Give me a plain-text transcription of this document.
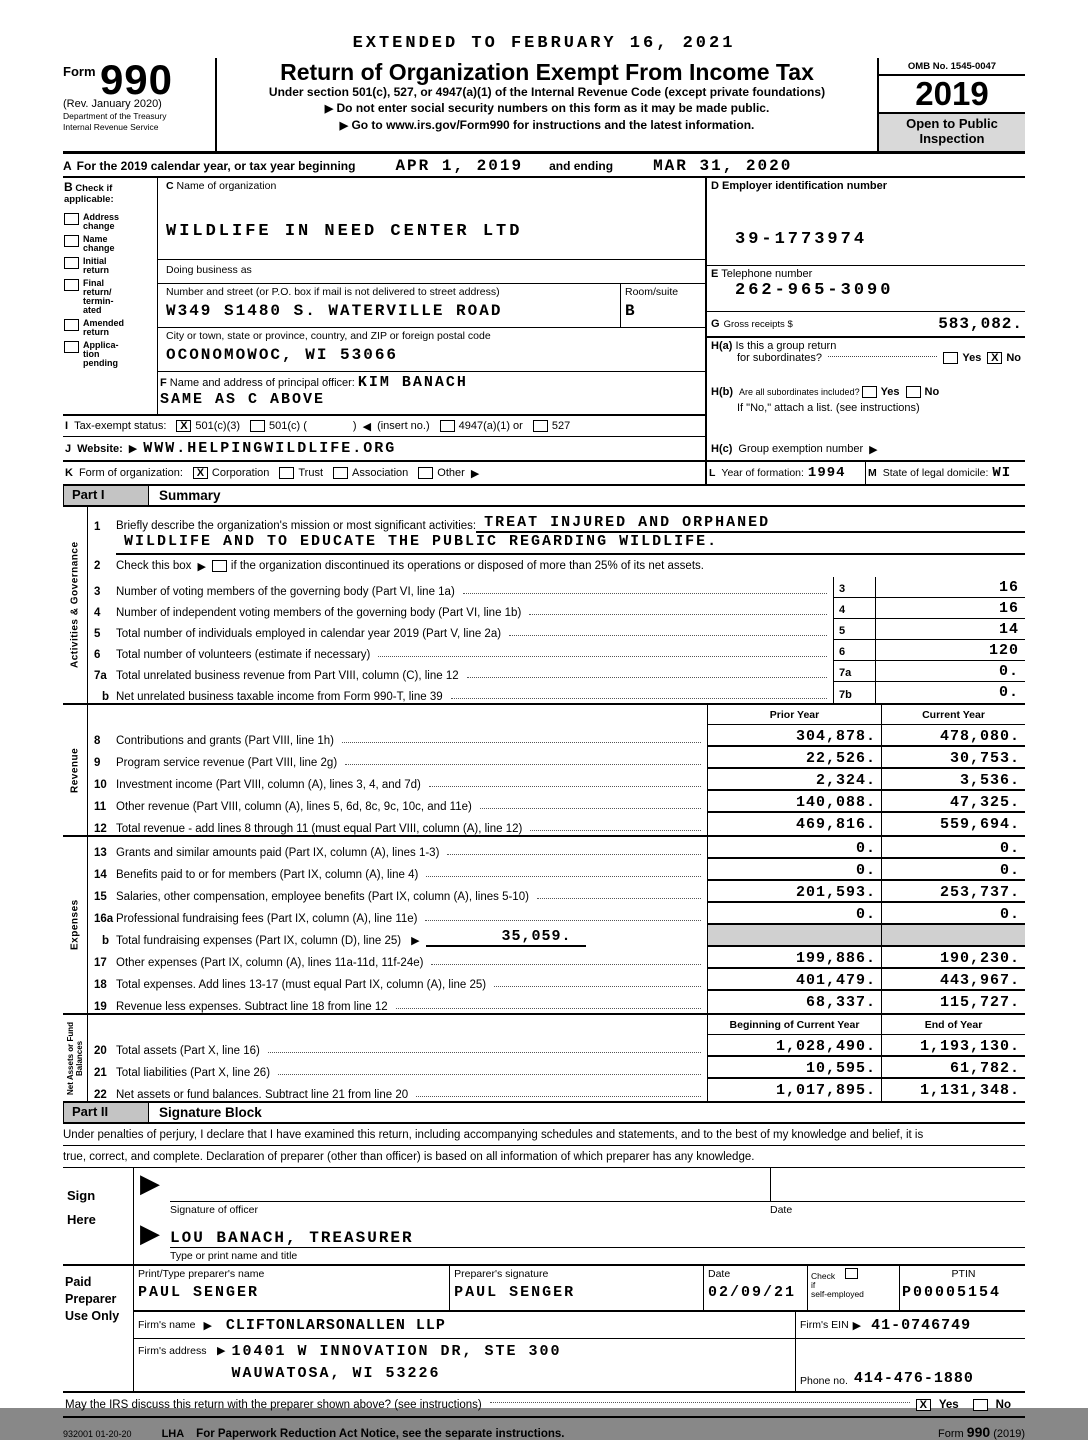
EXTENDED TO FEBRUARY 16, 2021
$^{Form}$ 990
(Rev. January 2020)
Department of the Treasury
Internal Revenue Service
Return of Organization Exempt From Income Tax
Under section 501(c), 527, or 4947(a)(1) of the Internal Revenue Code (except private foundations)
▶ Do not enter social security numbers on this form as it may be made public.
▶ Go to www.irs.gov/Form990 for instructions and the latest information.
OMB No. 1545-0047
2019
Open to Public
Inspection
A For the 2019 calendar year, or tax year beginning	APR 1, 2019 and ending	MAR 31, 2020
B Check if applicable:
Address change
Name change
Initial return
Final return/ termin- ated
Amended return
Applica- tion pending
C Name of organization
WILDLIFE IN NEED CENTER LTD
Doing business as
Number and street (or P.O. box if mail is not delivered to street address)
W349 S1480 S. WATERVILLE ROAD
Room/suite
B
City or town, state or province, country, and ZIP or foreign postal code
OCONOMOWOC, WI 53066
F Name and address of principal officer: KIM BANACH
SAME AS C ABOVE
I Tax-exempt status:	X 501(c)(3)	501(c) (	) ◀ (insert no.)	4947(a)(1) or	527
J Website: ▶ WWW.HELPINGWILDLIFE.ORG
K Form of organization:	X Corporation	Trust	Association	Other ▶
D Employer identification number
39-1773974
E Telephone number
262-965-3090
G Gross receipts $	583,082.
H(a) Is this a group return
for subordinates?	Yes X No
H(b) Are all subordinates included? Yes No
If "No," attach a list. (see instructions)
H(c) Group exemption number ▶
L Year of formation: 1994 M State of legal domicile: WI
Part I	Summary
Activities & Governance
1	Briefly describe the organization's mission or most significant activities: TREAT INJURED AND ORPHANED
WILDLIFE AND TO EDUCATE THE PUBLIC REGARDING WILDLIFE.
2	Check this box ▶ if the organization discontinued its operations or disposed of more than 25% of its net assets.
3	Number of voting members of the governing body (Part VI, line 1a)	3	16
4	Number of independent voting members of the governing body (Part VI, line 1b)	4	16
5	Total number of individuals employed in calendar year 2019 (Part V, line 2a)	5	14
6	Total number of volunteers (estimate if necessary)	6	120
7a Total unrelated business revenue from Part VIII, column (C), line 12	7a	0.
b Net unrelated business taxable income from Form 990-T, line 39	7b	0.
Revenue
Prior Year	Current Year
8	Contributions and grants (Part VIII, line 1h)	304,878.	478,080.
9	Program service revenue (Part VIII, line 2g)	22,526.	30,753.
10 Investment income (Part VIII, column (A), lines 3, 4, and 7d)	2,324.	3,536.
11 Other revenue (Part VIII, column (A), lines 5, 6d, 8c, 9c, 10c, and 11e)	140,088.	47,325.
12 Total revenue - add lines 8 through 11 (must equal Part VIII, column (A), line 12)	469,816.	559,694.
Expenses
13 Grants and similar amounts paid (Part IX, column (A), lines 1-3)	0.	0.
14 Benefits paid to or for members (Part IX, column (A), line 4)	0.	0.
15 Salaries, other compensation, employee benefits (Part IX, column (A), lines 5-10)	201,593.	253,737.
16a Professional fundraising fees (Part IX, column (A), line 11e)	0.	0.
b Total fundraising expenses (Part IX, column (D), line 25) ▶	35,059.
17 Other expenses (Part IX, column (A), lines 11a-11d, 11f-24e)	199,886.	190,230.
18 Total expenses. Add lines 13-17 (must equal Part IX, column (A), line 25)	401,479.	443,967.
19 Revenue less expenses. Subtract line 18 from line 12	68,337.	115,727.
Net Assets or Fund Balances
Beginning of Current Year	End of Year
20 Total assets (Part X, line 16)	1,028,490.	1,193,130.
21 Total liabilities (Part X, line 26)	10,595.	61,782.
22 Net assets or fund balances. Subtract line 21 from line 20	1,017,895.	1,131,348.
Part II	Signature Block
Under penalties of perjury, I declare that I have examined this return, including accompanying schedules and statements, and to the best of my knowledge and belief, it is
true, correct, and complete. Declaration of preparer (other than officer) is based on all information of which preparer has any knowledge.
Sign
Here
▶
▶
Signature of officer	Date
LOU BANACH, TREASURER
Type or print name and title
Paid
Preparer
Use Only
Print/Type preparer's name
PAUL SENGER
Preparer's signature
PAUL SENGER
Date
02/09/21
Check
if
self-employed
PTIN
P00005154
Firm's name ▶ CLIFTONLARSONALLEN LLP	Firm's EIN ▶ 41-0746749
Firm's address ▶ 10401 W INNOVATION DR, STE 300
WAUWATOSA, WI 53226	Phone no. 414-476-1880
May the IRS discuss this return with the preparer shown above? (see instructions)	X	Yes	No
932001 01-20-20	LHA For Paperwork Reduction Act Notice, see the separate instructions.	Form 990 (2019)
